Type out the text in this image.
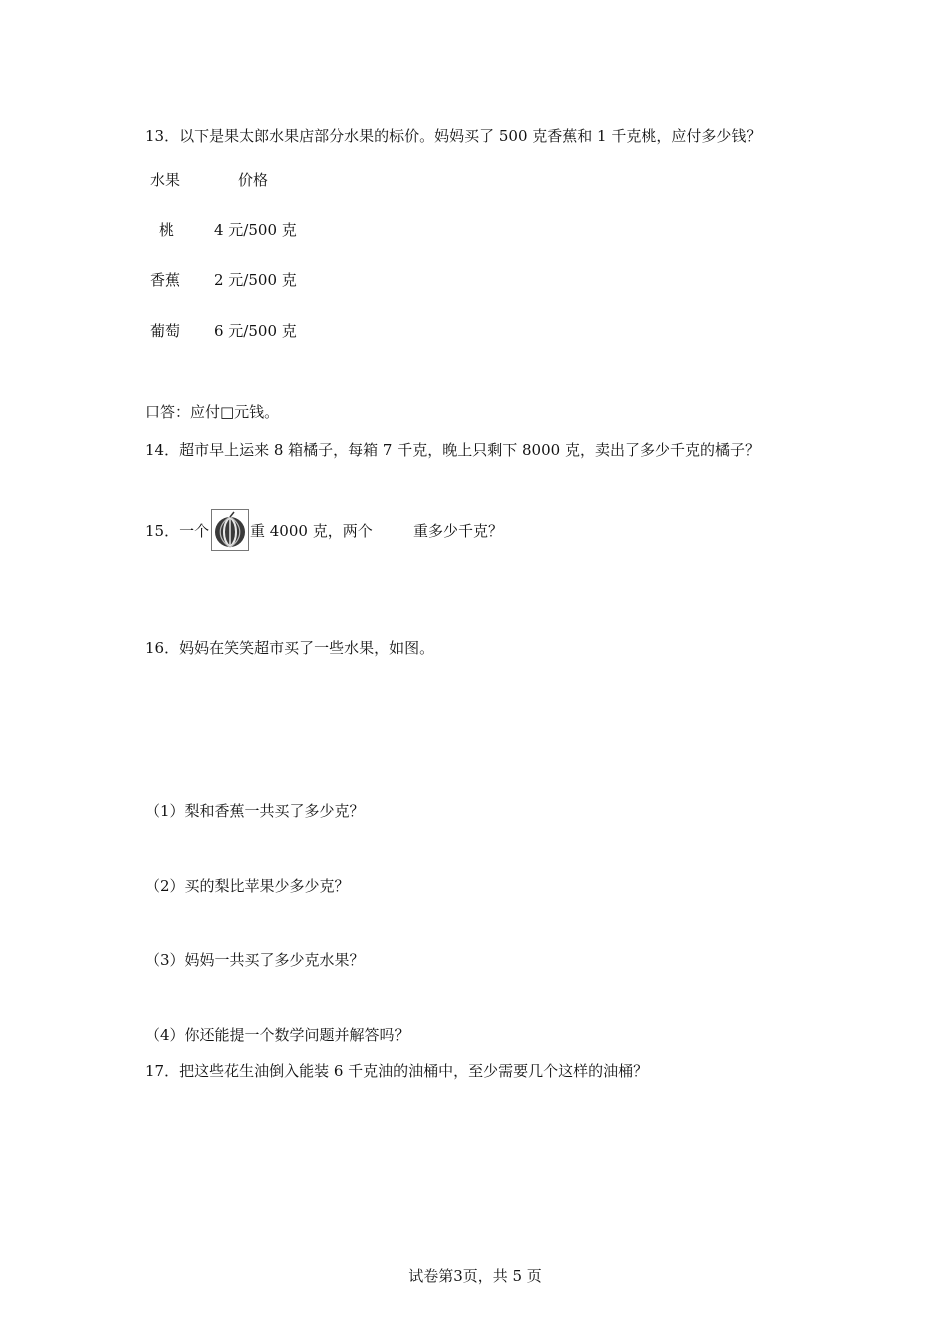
13．以下是果太郎水果店部分水果的标价。妈妈买了 500 克香蕉和 1 千克桃，应付多少钱？
水果	价格
桃	4 元/500 克
香蕉 2 元/500 克
葡萄 6 元/500 克
口答：应付□元钱。
14．超市早上运来 8 箱橘子，每箱 7 千克，晚上只剩下 8000 克，卖出了多少千克的橘子？
15．一个	重 4000 克，两个	重多少千克？
16．妈妈在笑笑超市买了一些水果，如图。
（1）梨和香蕉一共买了多少克？
（2）买的梨比苹果少多少克？
（3）妈妈一共买了多少克水果？
（4）你还能提一个数学问题并解答吗？
17．把这些花生油倒入能装 6 千克油的油桶中，至少需要几个这样的油桶？
试卷第3页，共 5 页
